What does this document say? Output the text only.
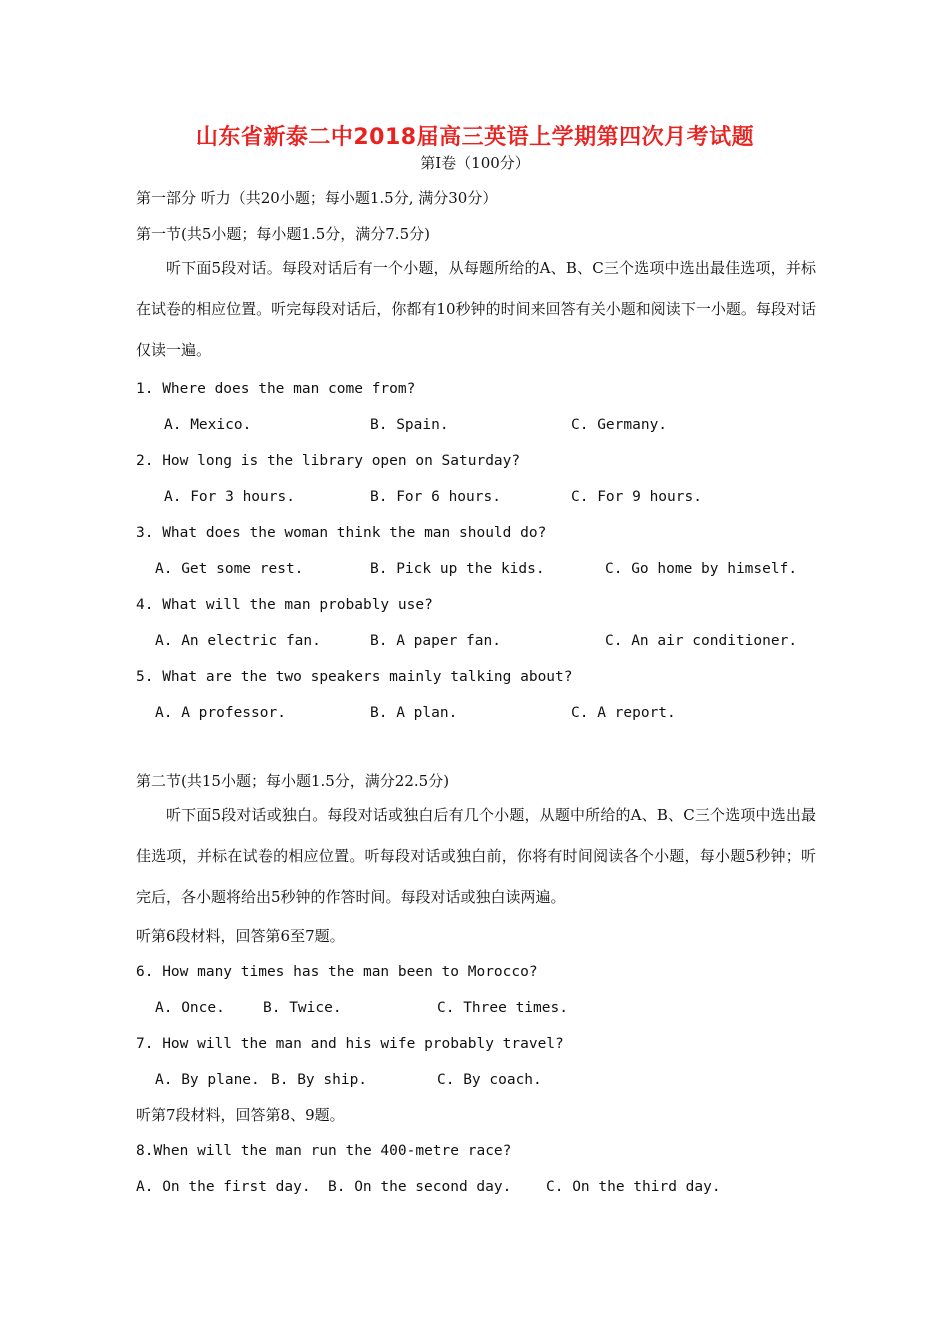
山东省新泰二中2018届高三英语上学期第四次月考试题
第I卷（100分）
第一部分 听力（共20小题；每小题1.5分, 满分30分）
第一节(共5小题；每小题1.5分，满分7.5分)
听下面5段对话。每段对话后有一个小题，从每题所给的A、B、C三个选项中选出最佳选项，并标在试卷的相应位置。听完每段对话后，你都有10秒钟的时间来回答有关小题和阅读下一小题。每段对话仅读一遍。
1. Where does the man come from?
A. Mexico.	B. Spain.	C. Germany.
2. How long is the library open on Saturday?
A. For 3 hours.	B. For 6 hours.	C. For 9 hours.
3. What does the woman think the man should do?
A. Get some rest.	B. Pick up the kids.	C. Go home by himself.
4. What will the man probably use?
A. An electric fan.	B. A paper fan.	C. An air conditioner.
5. What are the two speakers mainly talking about?
A. A professor.	B. A plan.	C. A report.
第二节(共15小题；每小题1.5分，满分22.5分)
听下面5段对话或独白。每段对话或独白后有几个小题，从题中所给的A、B、C三个选项中选出最佳选项，并标在试卷的相应位置。听每段对话或独白前，你将有时间阅读各个小题，每小题5秒钟；听完后，各小题将给出5秒钟的作答时间。每段对话或独白读两遍。
听第6段材料，回答第6至7题。
6. How many times has the man been to Morocco?
A. Once.	B. Twice.	C. Three times.
7. How will the man and his wife probably travel?
A. By plane. B. By ship.	C. By coach.
听第7段材料，回答第8、9题。
8.When will the man run the 400-metre race?
A. On the first day. B. On the second day. C. On the third day.
